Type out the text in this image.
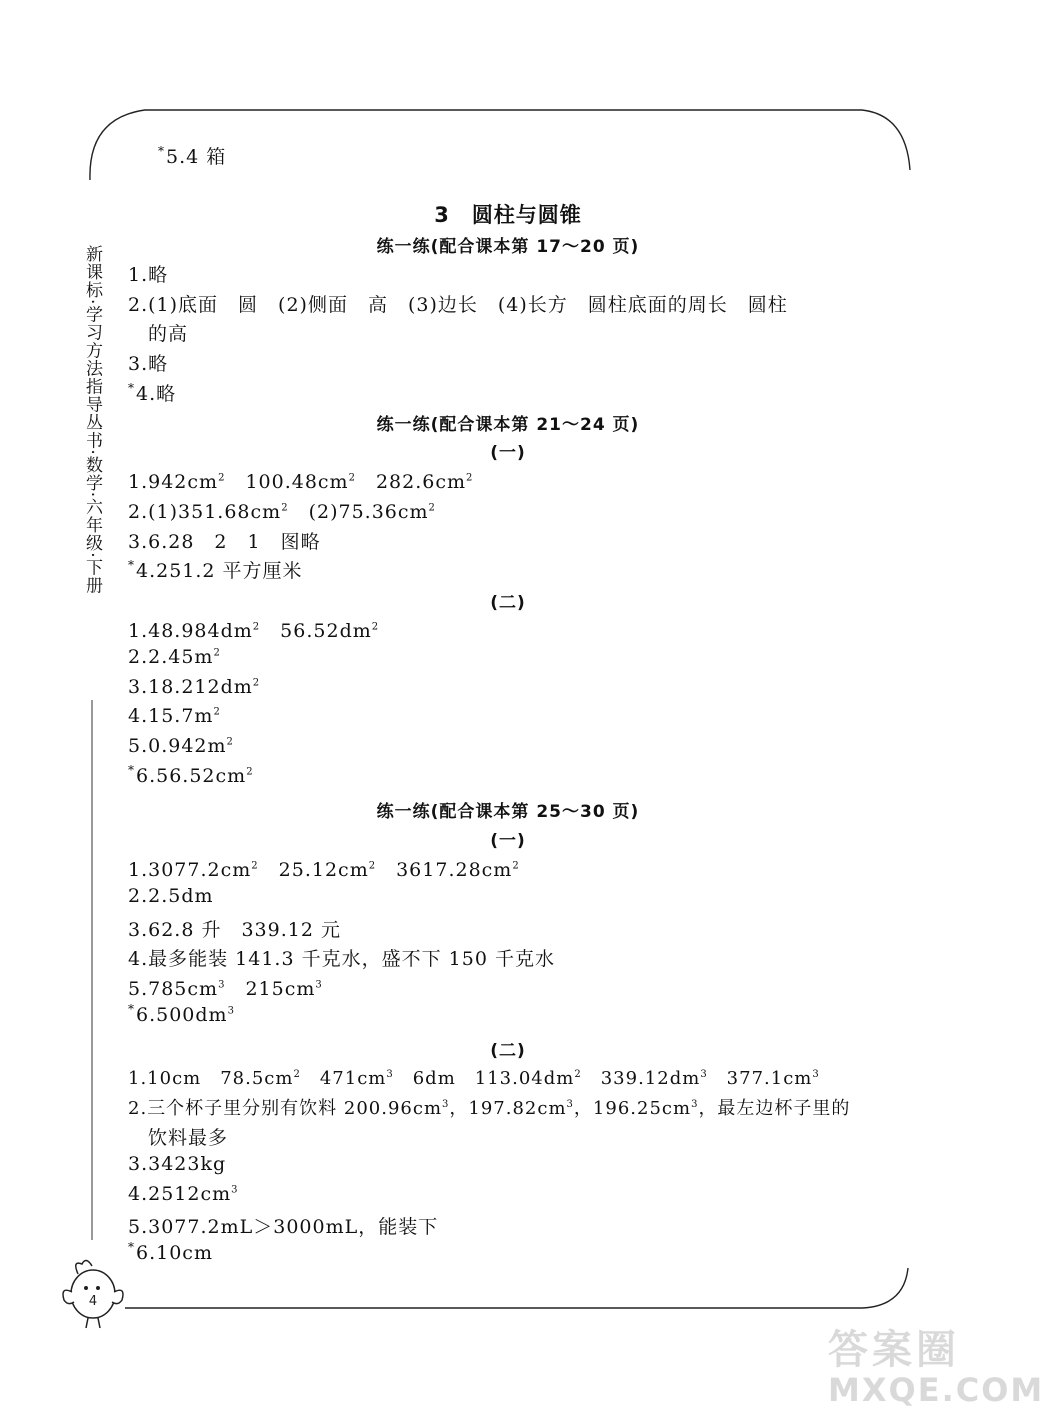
新课标·学习方法指导丛书·数学·六年级·下册
*5.4 箱
3　 圆柱与圆锥
练一练(配合课本第 17～20 页)
1.略
2.(1)底面　圆　(2)侧面　高　(3)边长　(4)长方　圆柱底面的周长　圆柱
的高
3.略
*4.略
练一练(配合课本第 21～24 页)
(一)
$1.942cm^2$　$100.48cm^2$　$282.6cm^2$
$2.(1)351.68cm^2$　$(2)75.36cm^2$
3.6.28　2　1　图略
*4.251.2 平方厘米
(二)
$1.48.984dm^2$　$56.52dm^2$
$2.2.45m^2$
$3.18.212dm^2$
$4.15.7m^2$
$5.0.942m^2$
$^*6.56.52cm^2$
练一练(配合课本第 25～30 页)
(一)
$1.3077.2cm^2$　$25.12cm^2$　$3617.28cm^2$
2.2.5dm
3.62.8 升　339.12 元
4.最多能装 141.3 千克水，盛不下 150 千克水
$5.785cm^3$　$215cm^3$
$^*6.500dm^3$
(二)
1.10cm　$78.5cm^2$　$471cm^3$　6dm　$113.04dm^2$　$339.12dm^3$　$377.1cm^3$
2.三个杯子里分别有饮料 $200.96cm^3$，$197.82cm^3$，$196.25cm^3$，最左边杯子里的
饮料最多
3.3423kg
$4.2512cm^3$
5.3077.2mL＞3000mL，能装下
*6.10cm
4
答案圈
MXQE.COM
